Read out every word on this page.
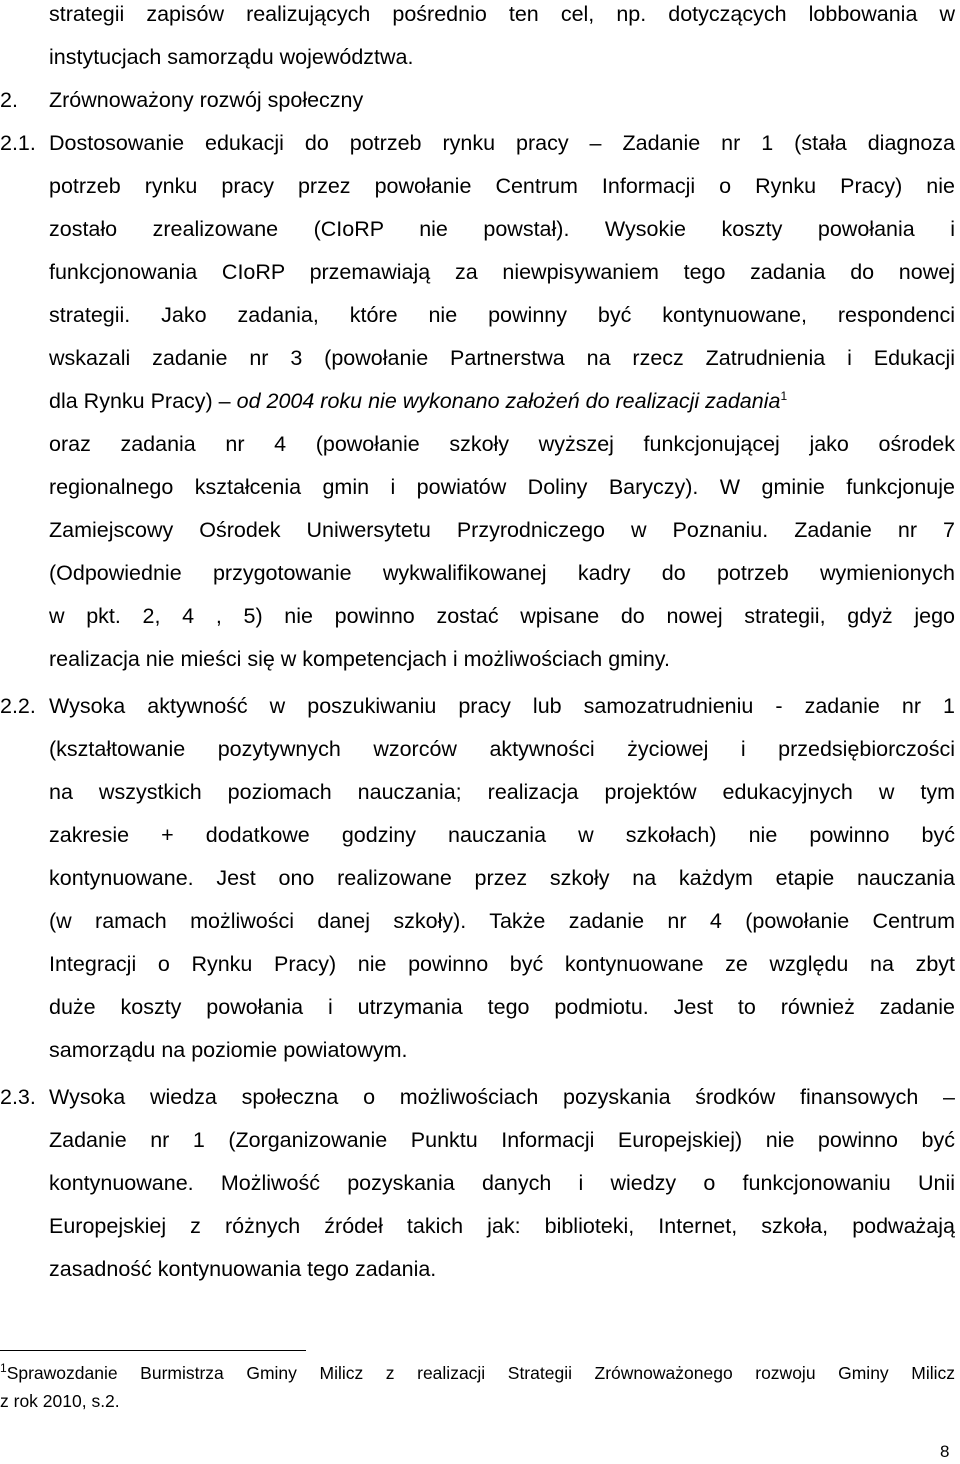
strategii zapisów realizujących pośrednio ten cel, np. dotyczących lobbowania w
instytucjach samorządu województwa.
2. Zrównoważony rozwój społeczny
2.1. Dostosowanie edukacji do potrzeb rynku pracy – Zadanie nr 1 (stała diagnoza
potrzeb rynku pracy przez powołanie Centrum Informacji o Rynku Pracy) nie
zostało zrealizowane (CIoRP nie powstał). Wysokie koszty powołania i
funkcjonowania CIoRP przemawiają za niewpisywaniem tego zadania do nowej
strategii. Jako zadania, które nie powinny być kontynuowane, respondenci
wskazali zadanie nr 3 (powołanie Partnerstwa na rzecz Zatrudnienia i Edukacji
dla Rynku Pracy) – od 2004 roku nie wykonano założeń do realizacji zadania$^1$
oraz zadania nr 4 (powołanie szkoły wyższej funkcjonującej jako ośrodek
regionalnego kształcenia gmin i powiatów Doliny Baryczy). W gminie funkcjonuje
Zamiejscowy Ośrodek Uniwersytetu Przyrodniczego w Poznaniu. Zadanie nr 7
(Odpowiednie przygotowanie wykwalifikowanej kadry do potrzeb wymienionych
w pkt. 2, 4 , 5) nie powinno zostać wpisane do nowej strategii, gdyż jego
realizacja nie mieści się w kompetencjach i możliwościach gminy.
2.2. Wysoka aktywność w poszukiwaniu pracy lub samozatrudnieniu - zadanie nr 1
(kształtowanie pozytywnych wzorców aktywności życiowej i przedsiębiorczości
na wszystkich poziomach nauczania; realizacja projektów edukacyjnych w tym
zakresie + dodatkowe godziny nauczania w szkołach) nie powinno być
kontynuowane. Jest ono realizowane przez szkoły na każdym etapie nauczania
(w ramach możliwości danej szkoły). Także zadanie nr 4 (powołanie Centrum
Integracji o Rynku Pracy) nie powinno być kontynuowane ze względu na zbyt
duże koszty powołania i utrzymania tego podmiotu. Jest to również zadanie
samorządu na poziomie powiatowym.
2.3. Wysoka wiedza społeczna o możliwościach pozyskania środków finansowych –
Zadanie nr 1 (Zorganizowanie Punktu Informacji Europejskiej) nie powinno być
kontynuowane. Możliwość pozyskania danych i wiedzy o funkcjonowaniu Unii
Europejskiej z różnych źródeł takich jak: biblioteki, Internet, szkoła, podważają
zasadność kontynuowania tego zadania.
$^1$Sprawozdanie Burmistrza Gminy Milicz z realizacji Strategii Zrównoważonego rozwoju Gminy Milicz
z rok 2010, s.2.
8
